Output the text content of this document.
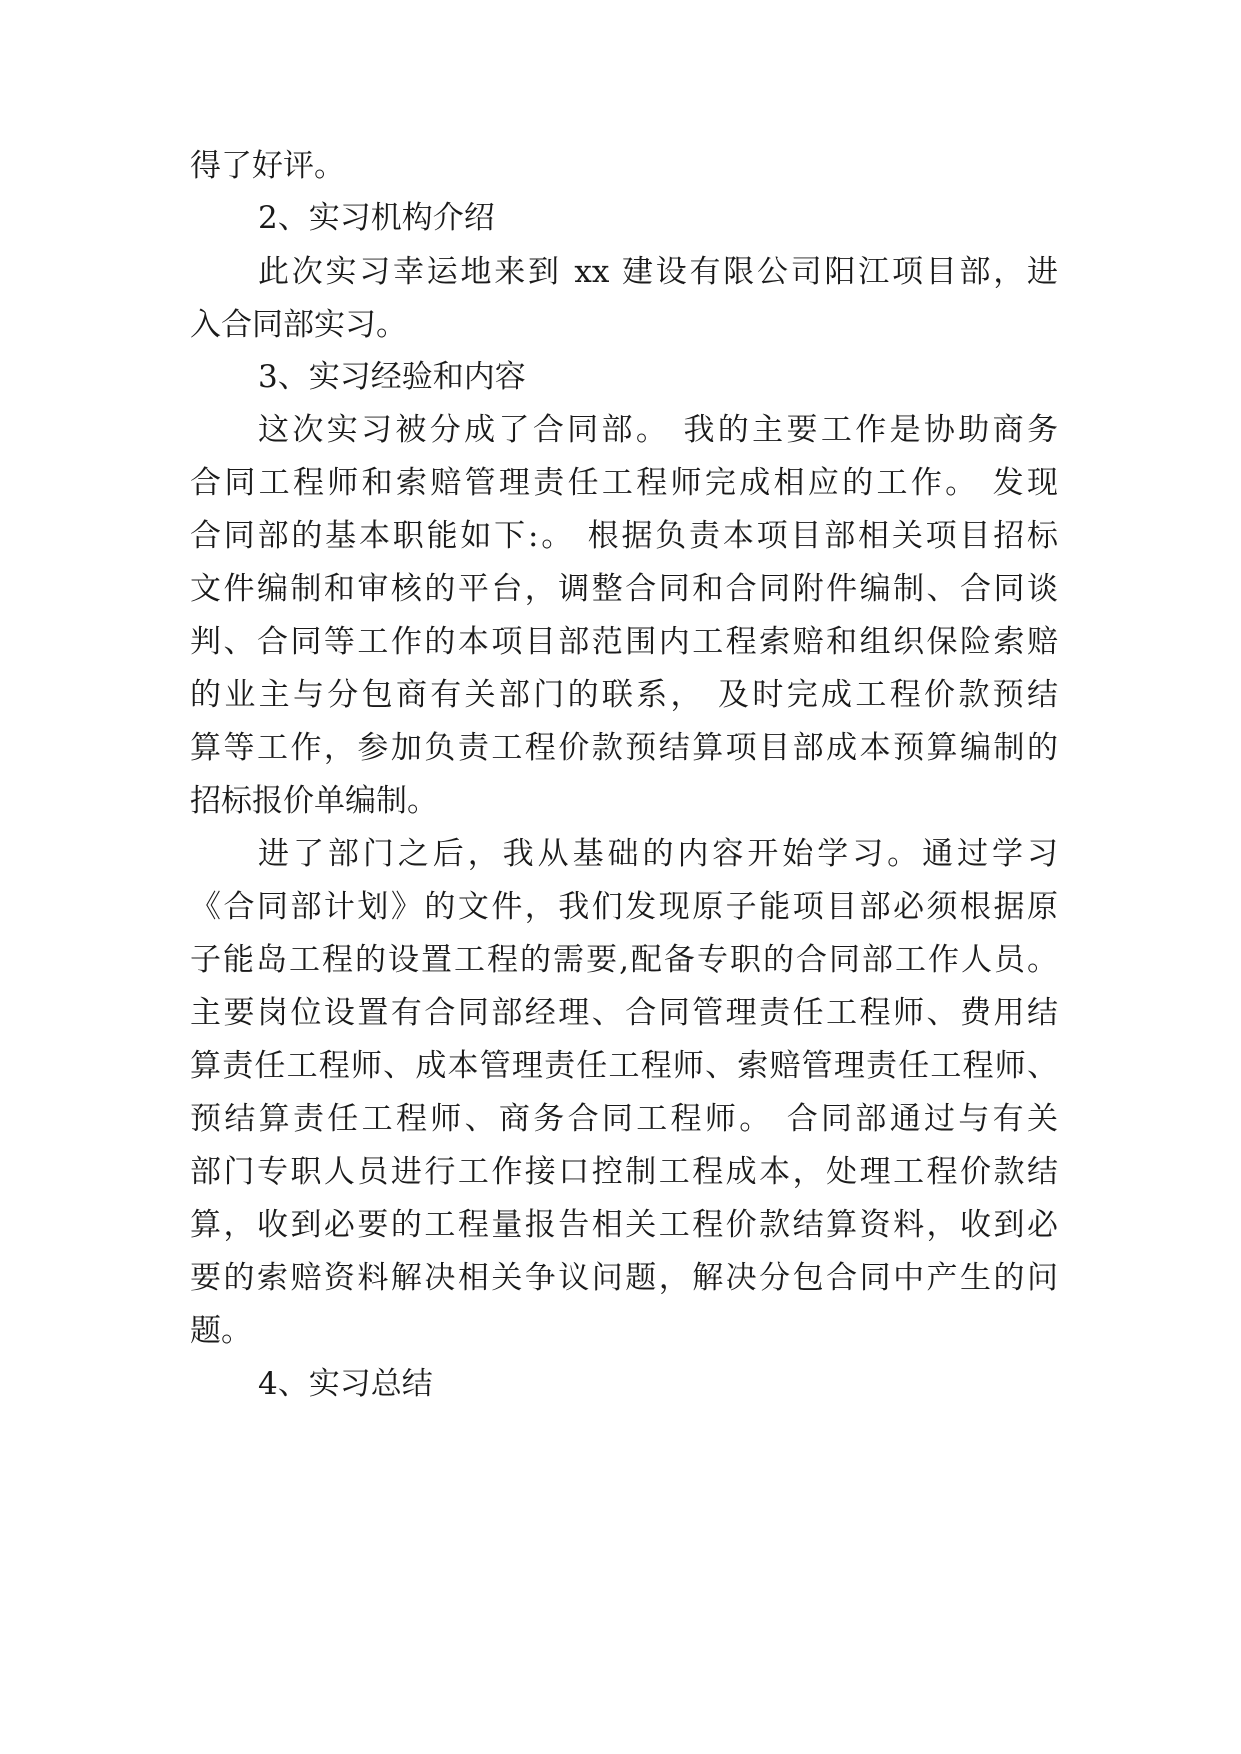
得了好评。

2、实习机构介绍

此次实习幸运地来到 xx 建设有限公司阳江项目部，进

入合同部实习。

3、实习经验和内容

这次实习被分成了合同部。 我的主要工作是协助商务

合同工程师和索赔管理责任工程师完成相应的工作。 发现

合同部的基本职能如下:。 根据负责本项目部相关项目招标

文件编制和审核的平台，调整合同和合同附件编制、合同谈

判、合同等工作的本项目部范围内工程索赔和组织保险索赔

的业主与分包商有关部门的联系， 及时完成工程价款预结

算等工作，参加负责工程价款预结算项目部成本预算编制的

招标报价单编制。

进了部门之后，我从基础的内容开始学习。通过学习

《合同部计划》的文件，我们发现原子能项目部必须根据原

子能岛工程的设置工程的需要,配备专职的合同部工作人员。

主要岗位设置有合同部经理、合同管理责任工程师、费用结

算责任工程师、成本管理责任工程师、索赔管理责任工程师、

预结算责任工程师、商务合同工程师。 合同部通过与有关

部门专职人员进行工作接口控制工程成本，处理工程价款结

算，收到必要的工程量报告相关工程价款结算资料，收到必

要的索赔资料解决相关争议问题，解决分包合同中产生的问

题。

4、实习总结
